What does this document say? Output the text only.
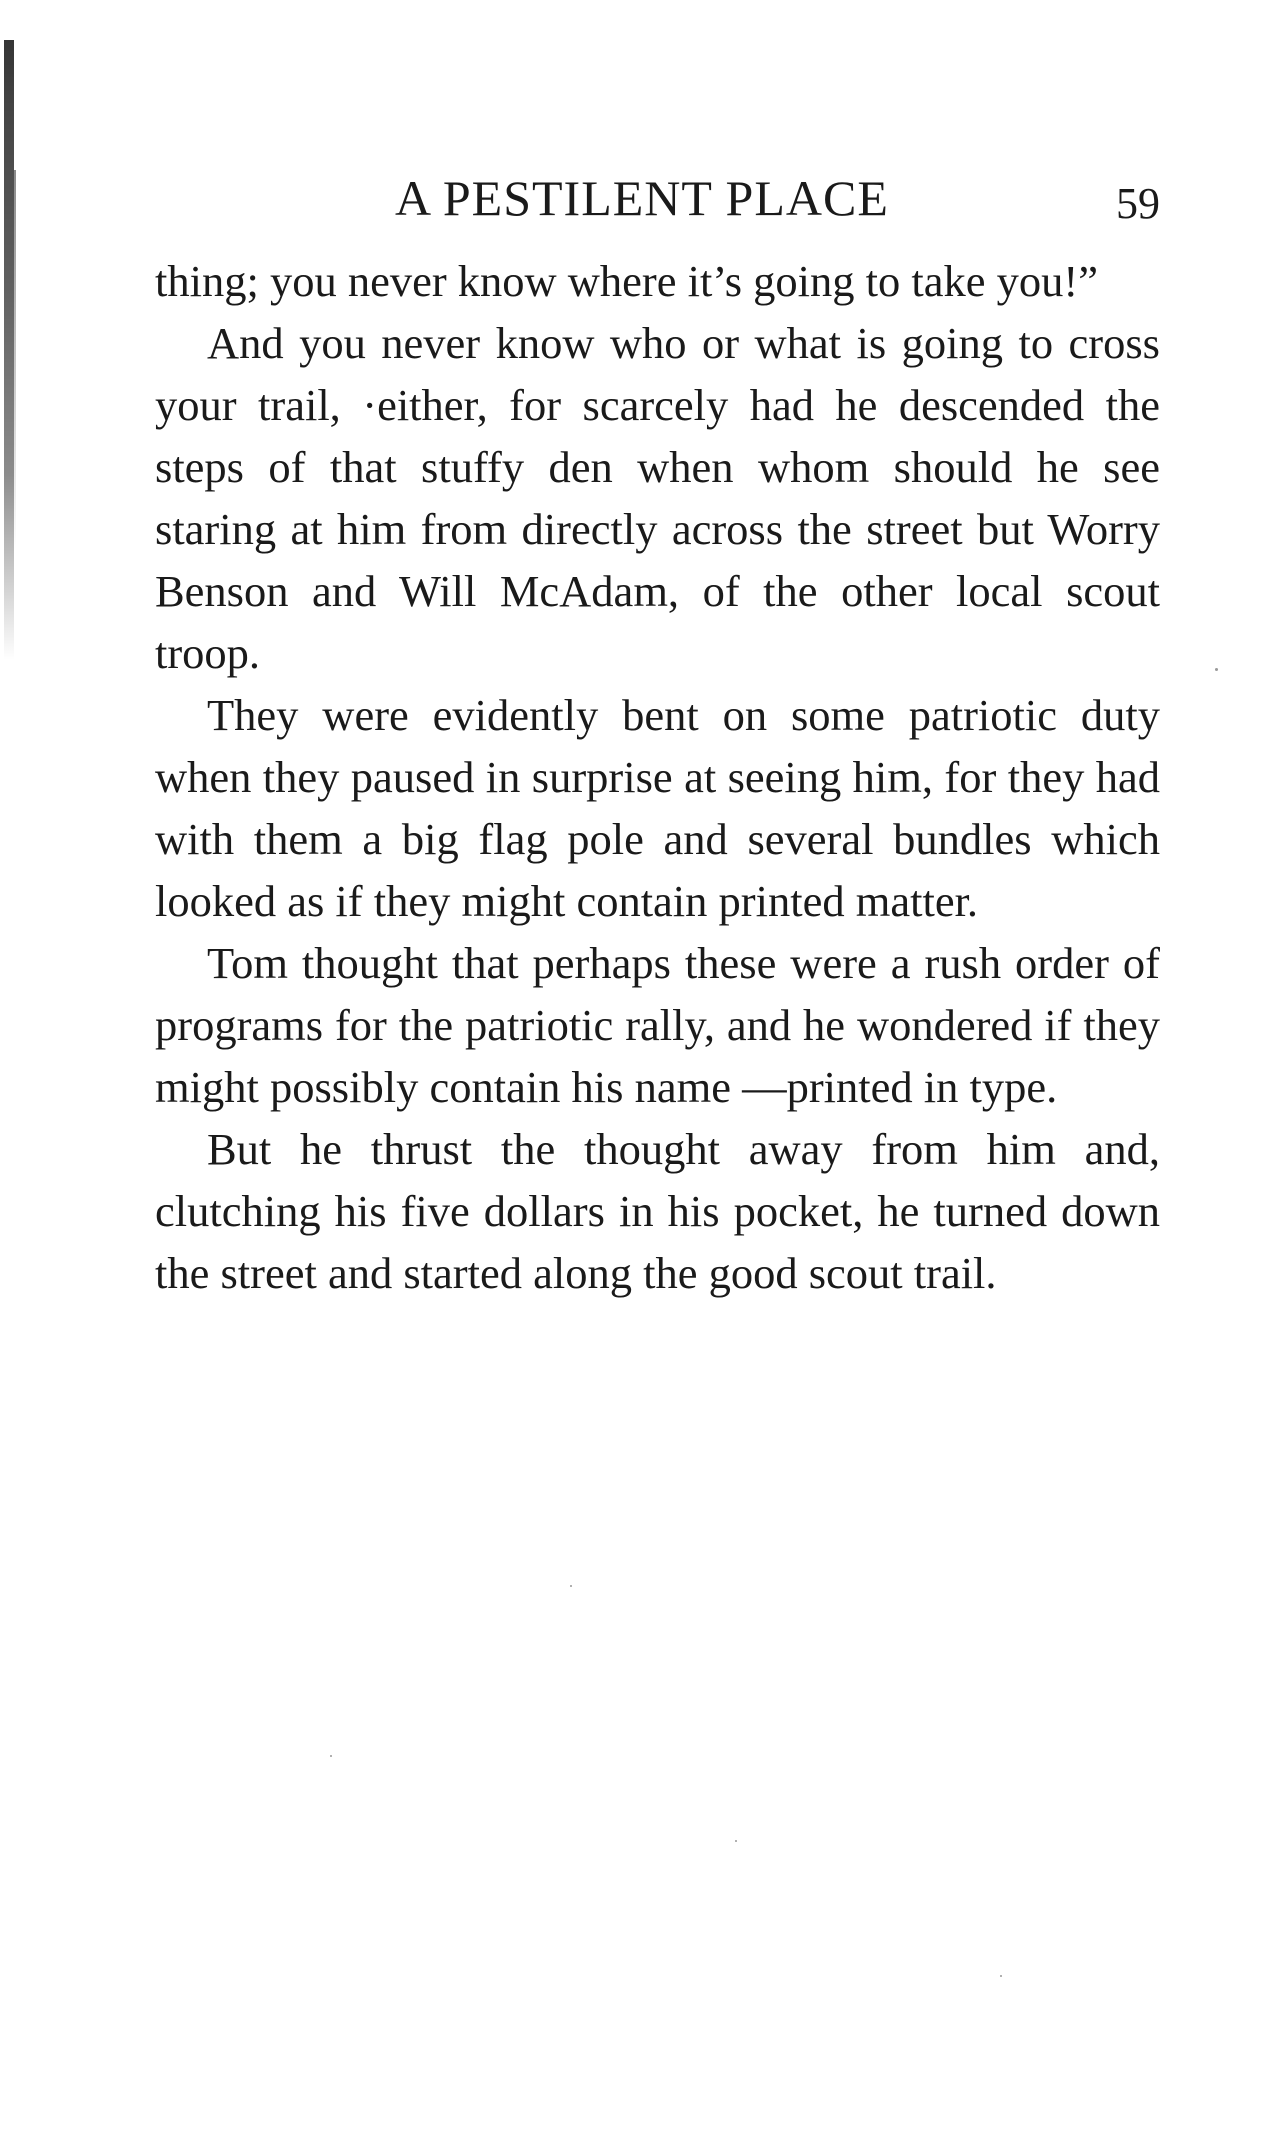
A PESTILENT PLACE	59

thing; you never know where it’s going to take you!”

And you never know who or what is going to cross your trail, ·either, for scarcely had he descended the steps of that stuffy den when whom should he see staring at him from directly across the street but Worry Benson and Will McAdam, of the other local scout troop.

They were evidently bent on some patriotic duty when they paused in surprise at seeing him, for they had with them a big flag pole and several bundles which looked as if they might contain printed matter.

Tom thought that perhaps these were a rush order of programs for the patriotic rally, and he wondered if they might possibly contain his name —printed in type.

But he thrust the thought away from him and, clutching his five dollars in his pocket, he turned down the street and started along the good scout trail.
